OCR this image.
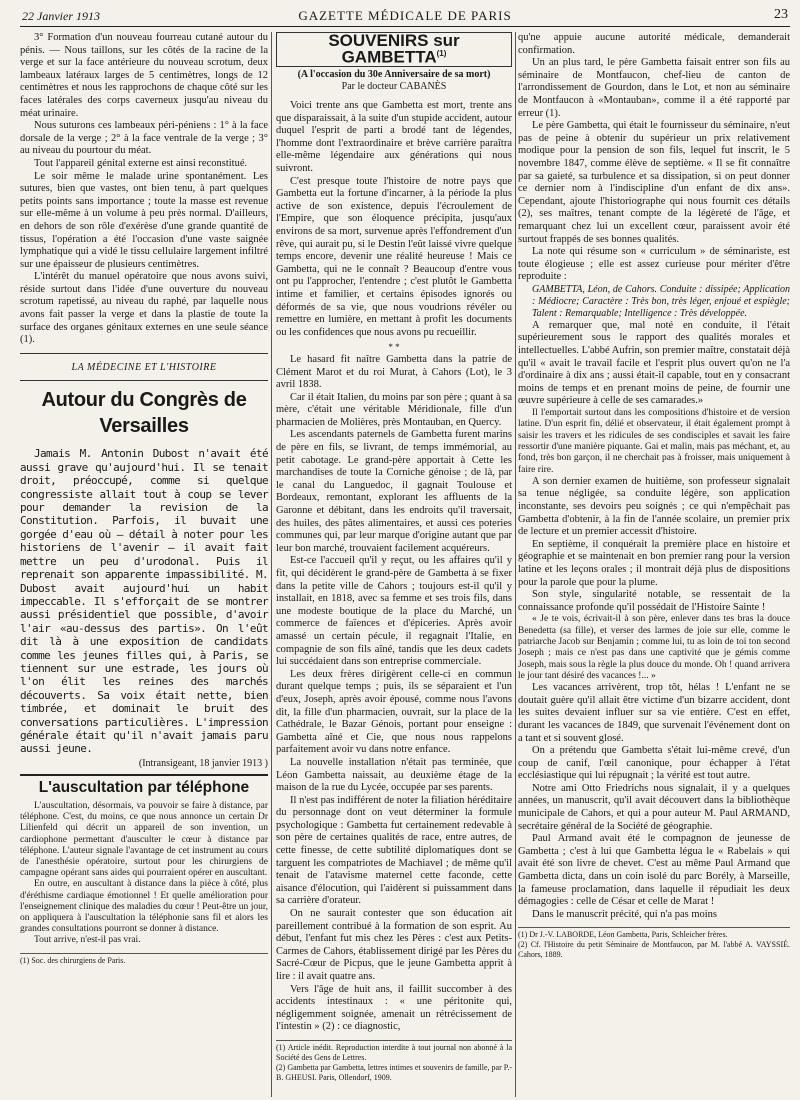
22 Janvier 1913	GAZETTE MÉDICALE DE PARIS	23

3° Formation d'un nouveau fourreau cutané autour du pénis. — Nous taillons, sur les côtés de la racine de la verge et sur la face antérieure du nouveau scrotum, deux lambeaux latéraux larges de 5 centimètres, longs de 12 centimètres et nous les rapprochons de chaque côté sur les faces latérales des corps caverneux jusqu'au niveau du méat urinaire.

Nous suturons ces lambeaux péri-péniens : 1° à la face dorsale de la verge ; 2° à la face ventrale de la verge ; 3° au niveau du pourtour du méat.

Tout l'appareil génital externe est ainsi reconstitué.

Le soir même le malade urine spontanément. Les sutures, bien que vastes, ont bien tenu, à part quelques petits points sans importance ; toute la masse est revenue sur elle-même à un volume à peu près normal. D'ailleurs, en dehors de son rôle d'exérèse d'une grande quantité de tissus, l'opération a été l'occasion d'une vaste saignée lymphatique qui a vidé le tissu cellulaire largement infiltré sur une épaisseur de plusieurs centimètres.

L'intérêt du manuel opératoire que nous avons suivi, réside surtout dans l'idée d'une ouverture du nouveau scrotum rapetissé, au niveau du raphé, par laquelle nous avons fait passer la verge et dans la plastie de toute la surface des organes génitaux externes en une seule séance (1).

LA MÉDECINE ET L'HISTOIRE
Autour du Congrès de Versailles

Jamais M. Antonin Dubost n'avait été aussi grave qu'aujourd'hui. Il se tenait droit, préoccupé, comme si quelque congressiste allait tout à coup se lever pour demander la revision de la Constitution. Parfois, il buvait une gorgée d'eau où — détail à noter pour les historiens de l'avenir — il avait fait mettre un peu d'urodonal. Puis il reprenait son apparente impassibilité. M. Dubost avait aujourd'hui un habit impeccable. Il s'efforçait de se montrer aussi présidentiel que possible, d'avoir l'air «au-dessus des partis». On l'eût dit là à une exposition de candidats comme les jeunes filles qui, à Paris, se tiennent sur une estrade, les jours où l'on élit les reines des marchés découverts. Sa voix était nette, bien timbrée, et dominait le bruit des conversations particulières. L'impression générale était qu'il n'avait jamais paru aussi jeune.

(Intransigeant, 18 janvier 1913 )
L'auscultation par téléphone

L'auscultation, désormais, va pouvoir se faire à distance, par téléphone. C'est, du moins, ce que nous annonce un certain Dr Lilienfeld qui décrit un appareil de son invention, un cardiophone permettant d'ausculter le cœur à distance par téléphone. L'auteur signale l'avantage de cet instrument au cours de l'anesthésie opératoire, surtout pour les chirurgiens de campagne opérant sans aides qui pourraient opérer en auscultant.

En outre, en auscultant à distance dans la pièce à côté, plus d'éréthisme cardiaque émotionnel ! Et quelle amélioration pour l'enseignement clinique des maladies du cœur ! Peut-être un jour, on appliquera à l'auscultation la téléphonie sans fil et alors les grandes consultations pourront se donner à distance.

Tout arrive, n'est-il pas vrai.

(1) Soc. des chirurgiens de Paris.
SOUVENIRS sur GAMBETTA$^{(1)}$
(A l'occasion du 30e Anniversaire de sa mort)
Par le docteur CABANÈS

Voici trente ans que Gambetta est mort, trente ans que disparaissait, à la suite d'un stupide accident, autour duquel l'esprit de parti a brodé tant de légendes, l'homme dont l'extraordinaire et brève carrière paraîtra elle-même légendaire aux générations qui nous suivront.

C'est presque toute l'histoire de notre pays que Gambetta eut la fortune d'incarner, à la période la plus active de son existence, depuis l'écroulement de l'Empire, que son éloquence précipita, jusqu'aux environs de sa mort, survenue après l'effondrement d'un rêve, qui aurait pu, si le Destin l'eût laissé vivre quelque temps encore, devenir une réalité heureuse ! Mais ce Gambetta, qui ne le connaît ? Beaucoup d'entre vous ont pu l'approcher, l'entendre ; c'est plutôt le Gambetta intime et familier, et certains épisodes ignorés ou déformés de sa vie, que nous voudrions révéler ou remettre en lumière, en mettant à profit les documents ou les confidences que nous avons pu recueillir.

* *

Le hasard fit naître Gambetta dans la patrie de Clément Marot et du roi Murat, à Cahors (Lot), le 3 avril 1838.

Car il était Italien, du moins par son père ; quant à sa mère, c'était une véritable Méridionale, fille d'un pharmacien de Molières, près Montauban, en Quercy.

Les ascendants paternels de Gambetta furent marins de père en fils, se livrant, de temps immémorial, au petit cabotage. Le grand-père apportait à Cette les marchandises de toute la Corniche génoise ; de là, par le canal du Languedoc, il gagnait Toulouse et Bordeaux, remontant, explorant les affluents de la Garonne et débitant, dans les endroits qu'il traversait, des huiles, des pâtes alimentaires, et aussi ces poteries communes qui, par leur marque d'origine autant que par leur bon marché, trouvaient facilement acquéreurs.

Est-ce l'accueil qu'il y reçut, ou les affaires qu'il y fit, qui décidèrent le grand-père de Gambetta à se fixer dans la petite ville de Cahors ; toujours est-il qu'il y installait, en 1818, avec sa femme et ses trois fils, dans une modeste boutique de la place du Marché, un commerce de faïences et d'épiceries. Après avoir amassé un certain pécule, il regagnait l'Italie, en compagnie de son fils aîné, tandis que les deux cadets lui succédaient dans son entreprise commerciale.

Les deux frères dirigèrent celle-ci en commun durant quelque temps ; puis, ils se séparaient et l'un d'eux, Joseph, après avoir épousé, comme nous l'avons dit, la fille d'un pharmacien, ouvrait, sur la place de la Cathédrale, le Bazar Génois, portant pour enseigne : Gambetta aîné et Cie, que nous nous rappelons parfaitement avoir vu dans notre enfance.

La nouvelle installation n'était pas terminée, que Léon Gambetta naissait, au deuxième étage de la maison de la rue du Lycée, occupée par ses parents.

Il n'est pas indifférent de noter la filiation héréditaire du personnage dont on veut déterminer la formule psychologique : Gambetta fut certainement redevable à son père de certaines qualités de race, entre autres, de cette finesse, de cette subtilité diplomatiques dont se targuent les compatriotes de Machiavel ; de même qu'il tenait de l'atavisme maternel cette faconde, cette aisance d'élocution, qui l'aidèrent si puissamment dans sa carrière d'orateur.

On ne saurait contester que son éducation ait pareillement contribué à la formation de son esprit. Au début, l'enfant fut mis chez les Pères : c'est aux Petits-Carmes de Cahors, établissement dirigé par les Pères du Sacré-Cœur de Picpus, que le jeune Gambetta apprit à lire : il avait quatre ans.

Vers l'âge de huit ans, il faillit succomber à des accidents intestinaux : « une péritonite qui, négligemment soignée, amenait un rétrécissement de l'intestin » (2) : ce diagnostic,

(1) Article inédit. Reproduction interdite à tout journal non abonné à la Société des Gens de Lettres.
(2) Gambetta par Gambetta, lettres intimes et souvenirs de famille, par P.-B. GHEUSI. Paris, Ollendorf, 1909.

qu'ne appuie aucune autorité médicale, demanderait confirmation.

Un an plus tard, le père Gambetta faisait entrer son fils au séminaire de Montfaucon, chef-lieu de canton de l'arrondissement de Gourdon, dans le Lot, et non au séminaire de Montfaucon à «Montauban», comme il a été rapporté par erreur (1).

Le père Gambetta, qui était le fournisseur du séminaire, n'eut pas de peine à obtenir du supérieur un prix relativement modique pour la pension de son fils, lequel fut inscrit, le 5 novembre 1847, comme élève de septième. « Il se fit connaître par sa gaieté, sa turbulence et sa dissipation, si on peut donner ce dernier nom à l'indiscipline d'un enfant de dix ans». Cependant, ajoute l'historiographe qui nous fournit ces détails (2), ses maîtres, tenant compte de la légèreté de l'âge, et remarquant chez lui un excellent cœur, paraissent avoir été surtout frappés de ses bonnes qualités.

La note qui résume son « curriculum » de séminariste, est toute élogieuse ; elle est assez curieuse pour mériter d'être reproduite :

GAMBETTA, Léon, de Cahors. Conduite : dissipée; Application : Médiocre; Caractère : Très bon, très léger, enjoué et espiègle; Talent : Remarquable; Intelligence : Très développée.

A remarquer que, mal noté en conduite, il l'était supérieurement sous le rapport des qualités morales et intellectuelles. L'abbé Aufrin, son premier maître, constatait déjà qu'il « avait le travail facile et l'esprit plus ouvert qu'on ne l'a d'ordinaire à dix ans ; aussi était-il capable, tout en y consacrant moins de temps et en prenant moins de peine, de fournir une œuvre supérieure à celle de ses camarades.»

Il l'emportait surtout dans les compositions d'histoire et de version latine. D'un esprit fin, délié et observateur, il était également prompt à saisir les travers et les ridicules de ses condisciples et savait les faire ressortir d'une manière piquante. Gai et malin, mais pas méchant, et, au fond, très bon garçon, il ne cherchait pas à froisser, mais uniquement à faire rire.

A son dernier examen de huitième, son professeur signalait sa tenue négligée, sa conduite légère, son application inconstante, ses devoirs peu soignés ; ce qui n'empêchait pas Gambetta d'obtenir, à la fin de l'année scolaire, un premier prix de lecture et un premier accessit d'histoire.

En septième, il conquérait la première place en histoire et géographie et se maintenait en bon premier rang pour la version latine et les leçons orales ; il montrait déjà plus de dispositions pour la parole que pour la plume.

Son style, singularité notable, se ressentait de la connaissance profonde qu'il possédait de l'Histoire Sainte !

« Je te vois, écrivait-il à son père, enlever dans tes bras la douce Benedetta (sa fille), et verser des larmes de joie sur elle, comme le patriarche Jacob sur Benjamin ; comme lui, tu as loin de toi ton second Joseph ; mais ce n'est pas dans une captivité que je gémis comme Joseph, mais sous la règle la plus douce du monde. Oh ! quand arrivera le jour tant désiré des vacances !... »

Les vacances arrivèrent, trop tôt, hélas ! L'enfant ne se doutait guère qu'il allait être victime d'un bizarre accident, dont les suites devaient influer sur sa vie entière. C'est en effet, durant les vacances de 1849, que survenait l'événement dont on a tant et si souvent glosé.

On a prétendu que Gambetta s'était lui-même crevé, d'un coup de canif, l'œil canonique, pour échapper à l'état ecclésiastique qui lui répugnait ; la vérité est tout autre.

Notre ami Otto Friedrichs nous signalait, il y a quelques années, un manuscrit, qu'il avait découvert dans la bibliothèque municipale de Cahors, et qui a pour auteur M. Paul ARMAND, secrétaire général de la Société de géographie.

Paul Armand avait été le compagnon de jeunesse de Gambetta ; c'est à lui que Gambetta légua le « Rabelais » qui avait été son livre de chevet. C'est au même Paul Armand que Gambetta dicta, dans un coin isolé du parc Borély, à Marseille, la fameuse proclamation, dans laquelle il répudiait les deux démagogies : celle de César et celle de Marat !

Dans le manuscrit précité, qui n'a pas moins

(1) Dr J.-V. LABORDE, Léon Gambetta, Paris, Schleicher frères.
(2) Cf. l'Histoire du petit Séminaire de Montfaucon, par M. l'abbé A. VAYSSIÉ. Cahors, 1889.
